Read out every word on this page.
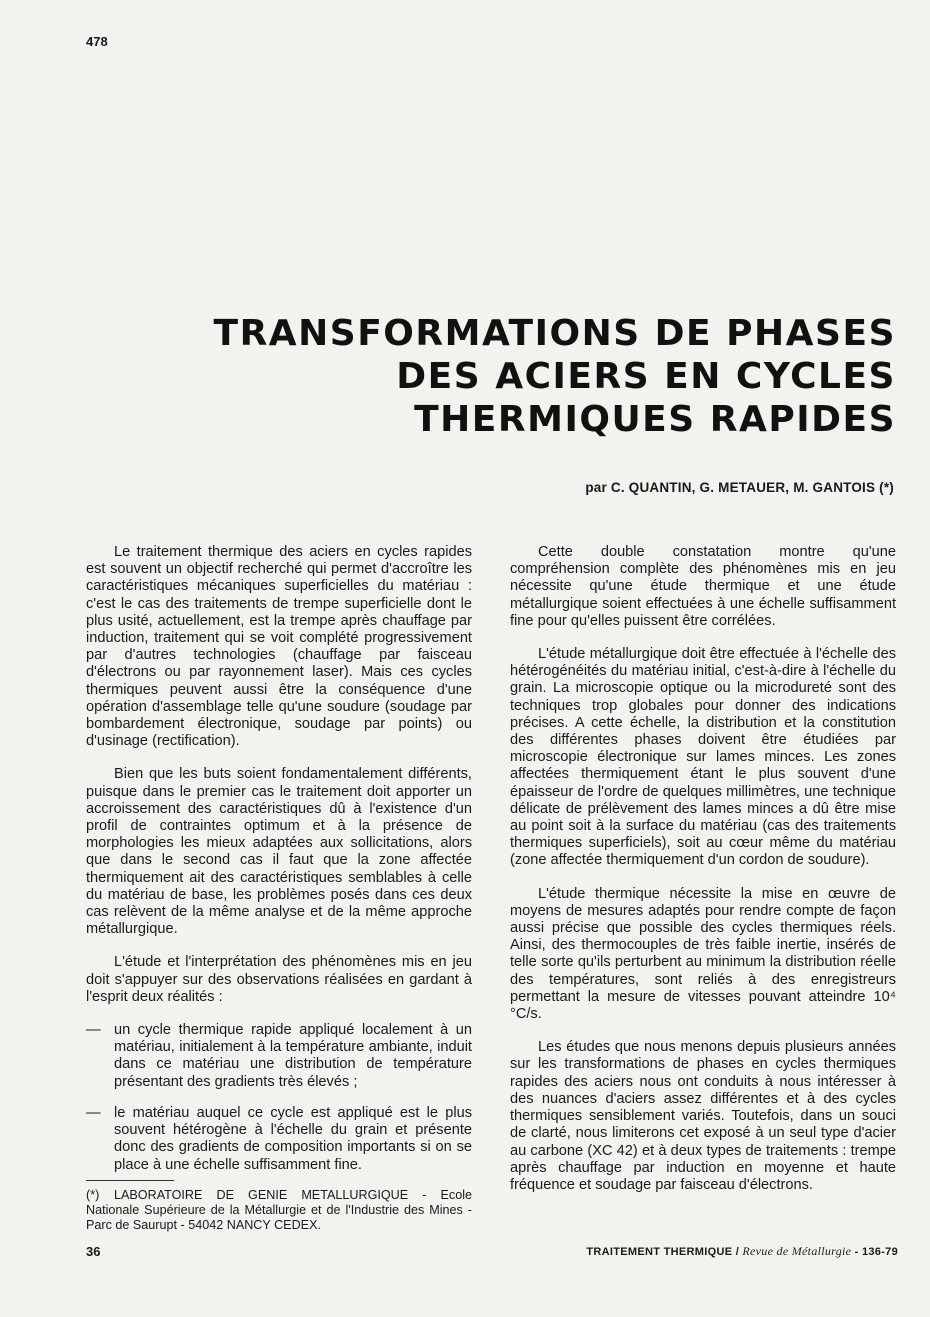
478
TRANSFORMATIONS DE PHASES
DES ACIERS EN CYCLES
THERMIQUES RAPIDES
par C. QUANTIN, G. METAUER, M. GANTOIS (*)

Le traitement thermique des aciers en cycles rapides est souvent un objectif recherché qui permet d'accroître les caractéristiques mécaniques superficielles du matériau : c'est le cas des traitements de trempe superficielle dont le plus usité, actuellement, est la trempe après chauffage par induction, traitement qui se voit complété progressivement par d'autres technologies (chauffage par faisceau d'électrons ou par rayonnement laser). Mais ces cycles thermiques peuvent aussi être la conséquence d'une opération d'assemblage telle qu'une soudure (soudage par bombardement électronique, soudage par points) ou d'usinage (rectification).

Bien que les buts soient fondamentalement différents, puisque dans le premier cas le traitement doit apporter un accroissement des caractéristiques dû à l'existence d'un profil de contraintes optimum et à la présence de morphologies les mieux adaptées aux sollicitations, alors que dans le second cas il faut que la zone affectée thermiquement ait des caractéristiques semblables à celle du matériau de base, les problèmes posés dans ces deux cas relèvent de la même analyse et de la même approche métallurgique.

L'étude et l'interprétation des phénomènes mis en jeu doit s'appuyer sur des observations réalisées en gardant à l'esprit deux réalités :

— un cycle thermique rapide appliqué localement à un matériau, initialement à la température ambiante, induit dans ce matériau une distribution de température présentant des gradients très élevés ;
— le matériau auquel ce cycle est appliqué est le plus souvent hétérogène à l'échelle du grain et présente donc des gradients de composition importants si on se place à une échelle suffisamment fine.
(*)	LABORATOIRE DE GENIE METALLURGIQUE - Ecole Nationale Supérieure de la Métallurgie et de l'Industrie des Mines - Parc de Saurupt - 54042 NANCY CEDEX.

Cette double constatation montre qu'une compréhension complète des phénomènes mis en jeu nécessite qu'une étude thermique et une étude métallurgique soient effectuées à une échelle suffisamment fine pour qu'elles puissent être corrélées.

L'étude métallurgique doit être effectuée à l'échelle des hétérogénéités du matériau initial, c'est-à-dire à l'échelle du grain. La microscopie optique ou la microdureté sont des techniques trop globales pour donner des indications précises. A cette échelle, la distribution et la constitution des différentes phases doivent être étudiées par microscopie électronique sur lames minces. Les zones affectées thermiquement étant le plus souvent d'une épaisseur de l'ordre de quelques millimètres, une technique délicate de prélèvement des lames minces a dû être mise au point soit à la surface du matériau (cas des traitements thermiques superficiels), soit au cœur même du matériau (zone affectée thermiquement d'un cordon de soudure).

L'étude thermique nécessite la mise en œuvre de moyens de mesures adaptés pour rendre compte de façon aussi précise que possible des cycles thermiques réels. Ainsi, des thermocouples de très faible inertie, insérés de telle sorte qu'ils perturbent au minimum la distribution réelle des températures, sont reliés à des enregistreurs permettant la mesure de vitesses pouvant atteindre 10⁴ °C/s.

Les études que nous menons depuis plusieurs années sur les transformations de phases en cycles thermiques rapides des aciers nous ont conduits à nous intéresser à des nuances d'aciers assez différentes et à des cycles thermiques sensiblement variés. Toutefois, dans un souci de clarté, nous limiterons cet exposé à un seul type d'acier au carbone (XC 42) et à deux types de traitements : trempe après chauffage par induction en moyenne et haute fréquence et soudage par faisceau d'électrons.

36	TRAITEMENT THERMIQUE / Revue de Métallurgie - 136-79
